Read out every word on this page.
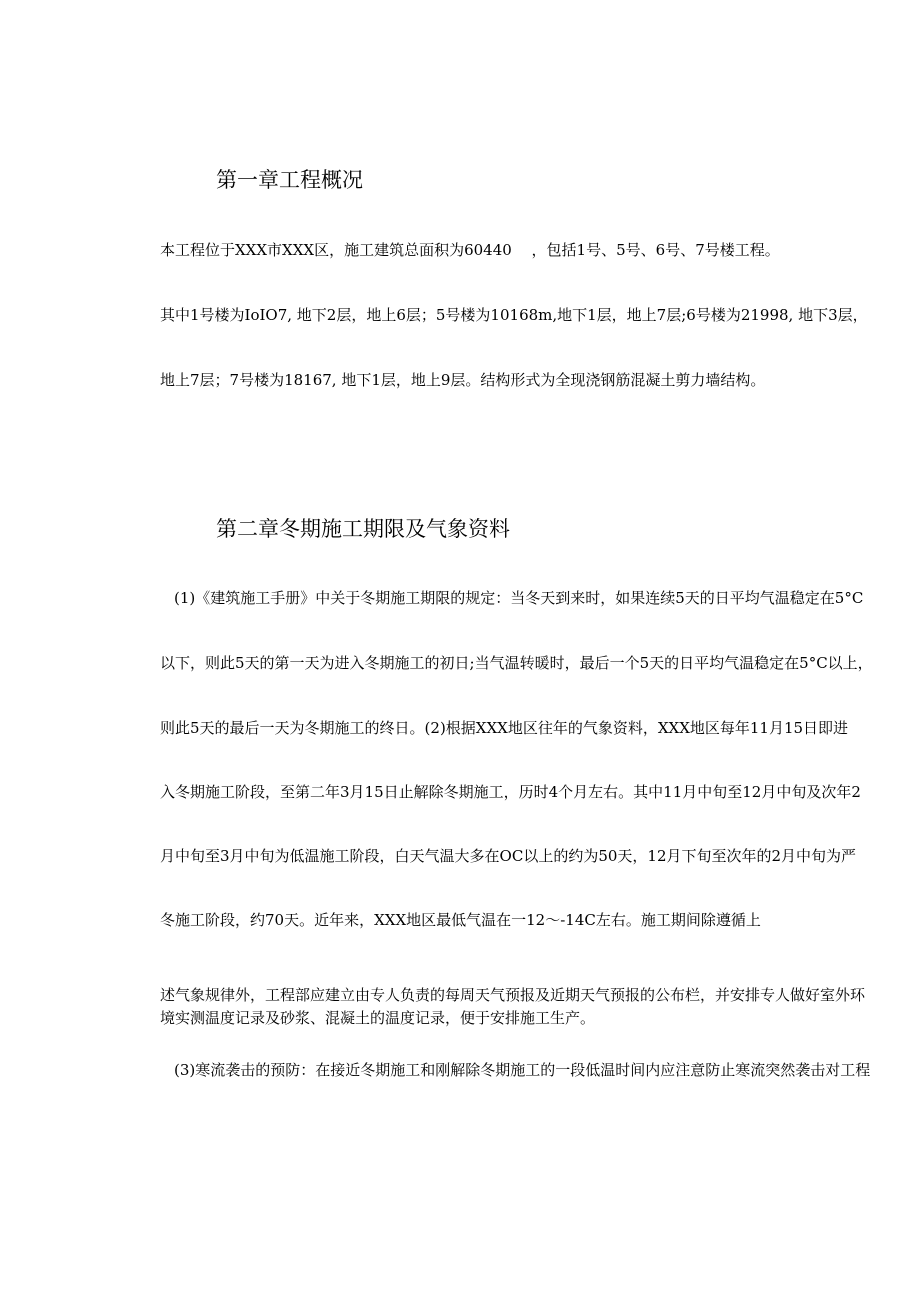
第一章工程概况

本工程位于XXX市XXX区，施工建筑总面积为60440　 ，包括1号、5号、6号、7号楼工程。

其中1号楼为IoIO7, 地下2层，地上6层；5号楼为10168m,地下1层，地上7层;6号楼为21998, 地下3层，

地上7层；7号楼为18167, 地下1层，地上9层。结构形式为全现浇钢筋混凝土剪力墙结构。

第二章冬期施工期限及气象资料

(1)《建筑施工手册》中关于冬期施工期限的规定：当冬天到来时，如果连续5天的日平均气温稳定在5°C

以下，则此5天的第一天为进入冬期施工的初日;当气温转暖时，最后一个5天的日平均气温稳定在5°C以上，

则此5天的最后一天为冬期施工的终日。(2)根据XXX地区往年的气象资料，XXX地区每年11月15日即进

入冬期施工阶段，至第二年3月15日止解除冬期施工，历时4个月左右。其中11月中旬至12月中旬及次年2

月中旬至3月中旬为低温施工阶段，白天气温大多在OC以上的约为50天，12月下旬至次年的2月中旬为严

冬施工阶段，约70天。近年来，XXX地区最低气温在一12～-14C左右。施工期间除遵循上

述气象规律外，工程部应建立由专人负责的每周天气预报及近期天气预报的公布栏，并安排专人做好室外环

境实测温度记录及砂浆、混凝土的温度记录，便于安排施工生产。

(3)寒流袭击的预防：在接近冬期施工和刚解除冬期施工的一段低温时间内应注意防止寒流突然袭击对工程
